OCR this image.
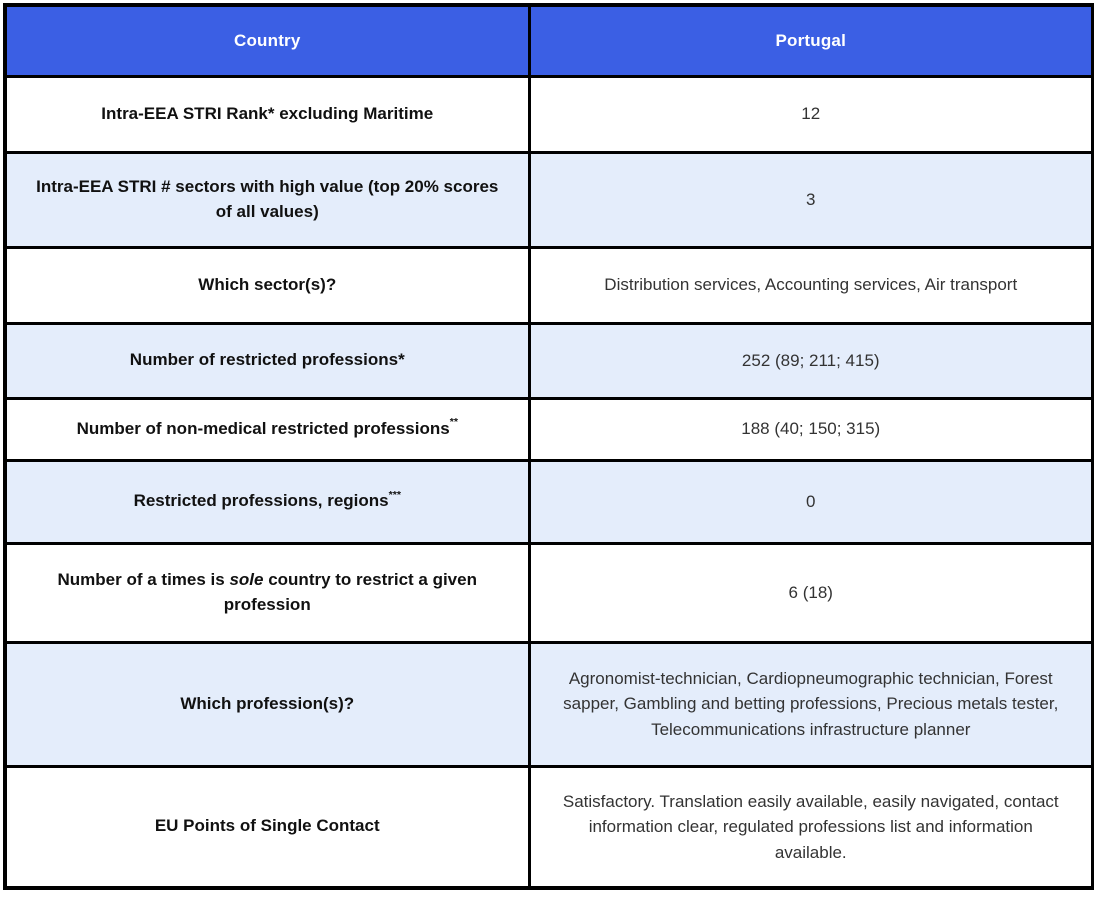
Country	Portugal
Intra-EEA STRI Rank* excluding Maritime	12
Intra-EEA STRI # sectors with high value (top 20% scores of all values)	3
Which sector(s)?	Distribution services, Accounting services, Air transport
Number of restricted professions*	252 (89; 211; 415)
Number of non-medical restricted professions**	188 (40; 150; 315)
Restricted professions, regions***	0
Number of a times is sole country to restrict a given profession	6 (18)
Which profession(s)?	Agronomist-technician, Cardiopneumographic technician, Forest sapper, Gambling and betting professions, Precious metals tester, Telecommunications infrastructure planner
EU Points of Single Contact	Satisfactory. Translation easily available, easily navigated, contact information clear, regulated professions list and information available.
